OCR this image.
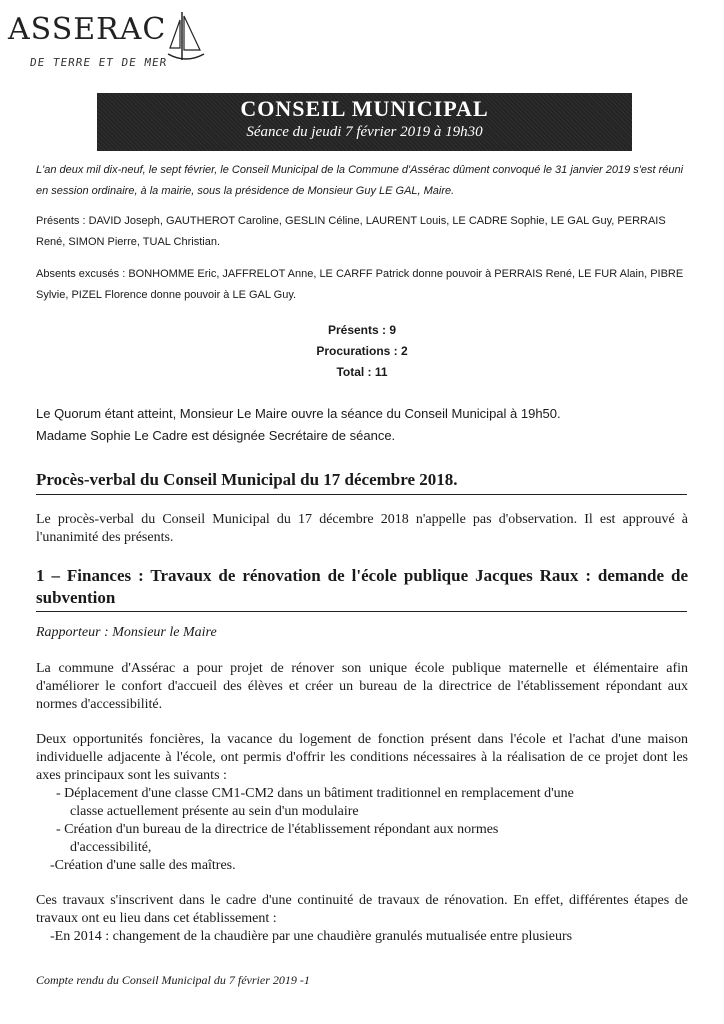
ASSERAC
DE TERRE ET DE MER
CONSEIL MUNICIPAL
Séance du jeudi 7 février 2019 à 19h30
L'an deux mil dix-neuf, le sept février, le Conseil Municipal de la Commune d'Assérac dûment convoqué le 31 janvier 2019 s'est réuni en session ordinaire, à la mairie, sous la présidence de Monsieur Guy LE GAL, Maire.
Présents : DAVID Joseph, GAUTHEROT Caroline, GESLIN Céline, LAURENT Louis, LE CADRE Sophie, LE GAL Guy, PERRAIS René, SIMON Pierre, TUAL Christian.
Absents excusés : BONHOMME Eric, JAFFRELOT Anne, LE CARFF Patrick donne pouvoir à PERRAIS René, LE FUR Alain, PIBRE Sylvie, PIZEL Florence donne pouvoir à LE GAL Guy.
Présents : 9
Procurations : 2
Total : 11
Le Quorum étant atteint, Monsieur Le Maire ouvre la séance du Conseil Municipal à 19h50.
Madame Sophie Le Cadre est désignée Secrétaire de séance.
Procès-verbal du Conseil Municipal du 17 décembre 2018.
Le procès-verbal du Conseil Municipal du 17 décembre 2018 n'appelle pas d'observation. Il est approuvé à l'unanimité des présents.
1 – Finances : Travaux de rénovation de l'école publique Jacques Raux : demande de subvention
Rapporteur : Monsieur le Maire
La commune d'Assérac a pour projet de rénover son unique école publique maternelle et élémentaire afin d'améliorer le confort d'accueil des élèves et créer un bureau de la directrice de l'établissement répondant aux normes d'accessibilité.
Deux opportunités foncières, la vacance du logement de fonction présent dans l'école et l'achat d'une maison individuelle adjacente à l'école, ont permis d'offrir les conditions nécessaires à la réalisation de ce projet dont les axes principaux sont les suivants :
- Déplacement d'une classe CM1-CM2 dans un bâtiment traditionnel en remplacement d'une
classe actuellement présente au sein d'un modulaire
- Création d'un bureau de la directrice de l'établissement répondant aux normes
d'accessibilité,
-Création d'une salle des maîtres.
Ces travaux s'inscrivent dans le cadre d'une continuité de travaux de rénovation. En effet, différentes étapes de travaux ont eu lieu dans cet établissement :
-En 2014 : changement de la chaudière par une chaudière granulés mutualisée entre plusieurs
Compte rendu du Conseil Municipal du 7 février 2019 -1
